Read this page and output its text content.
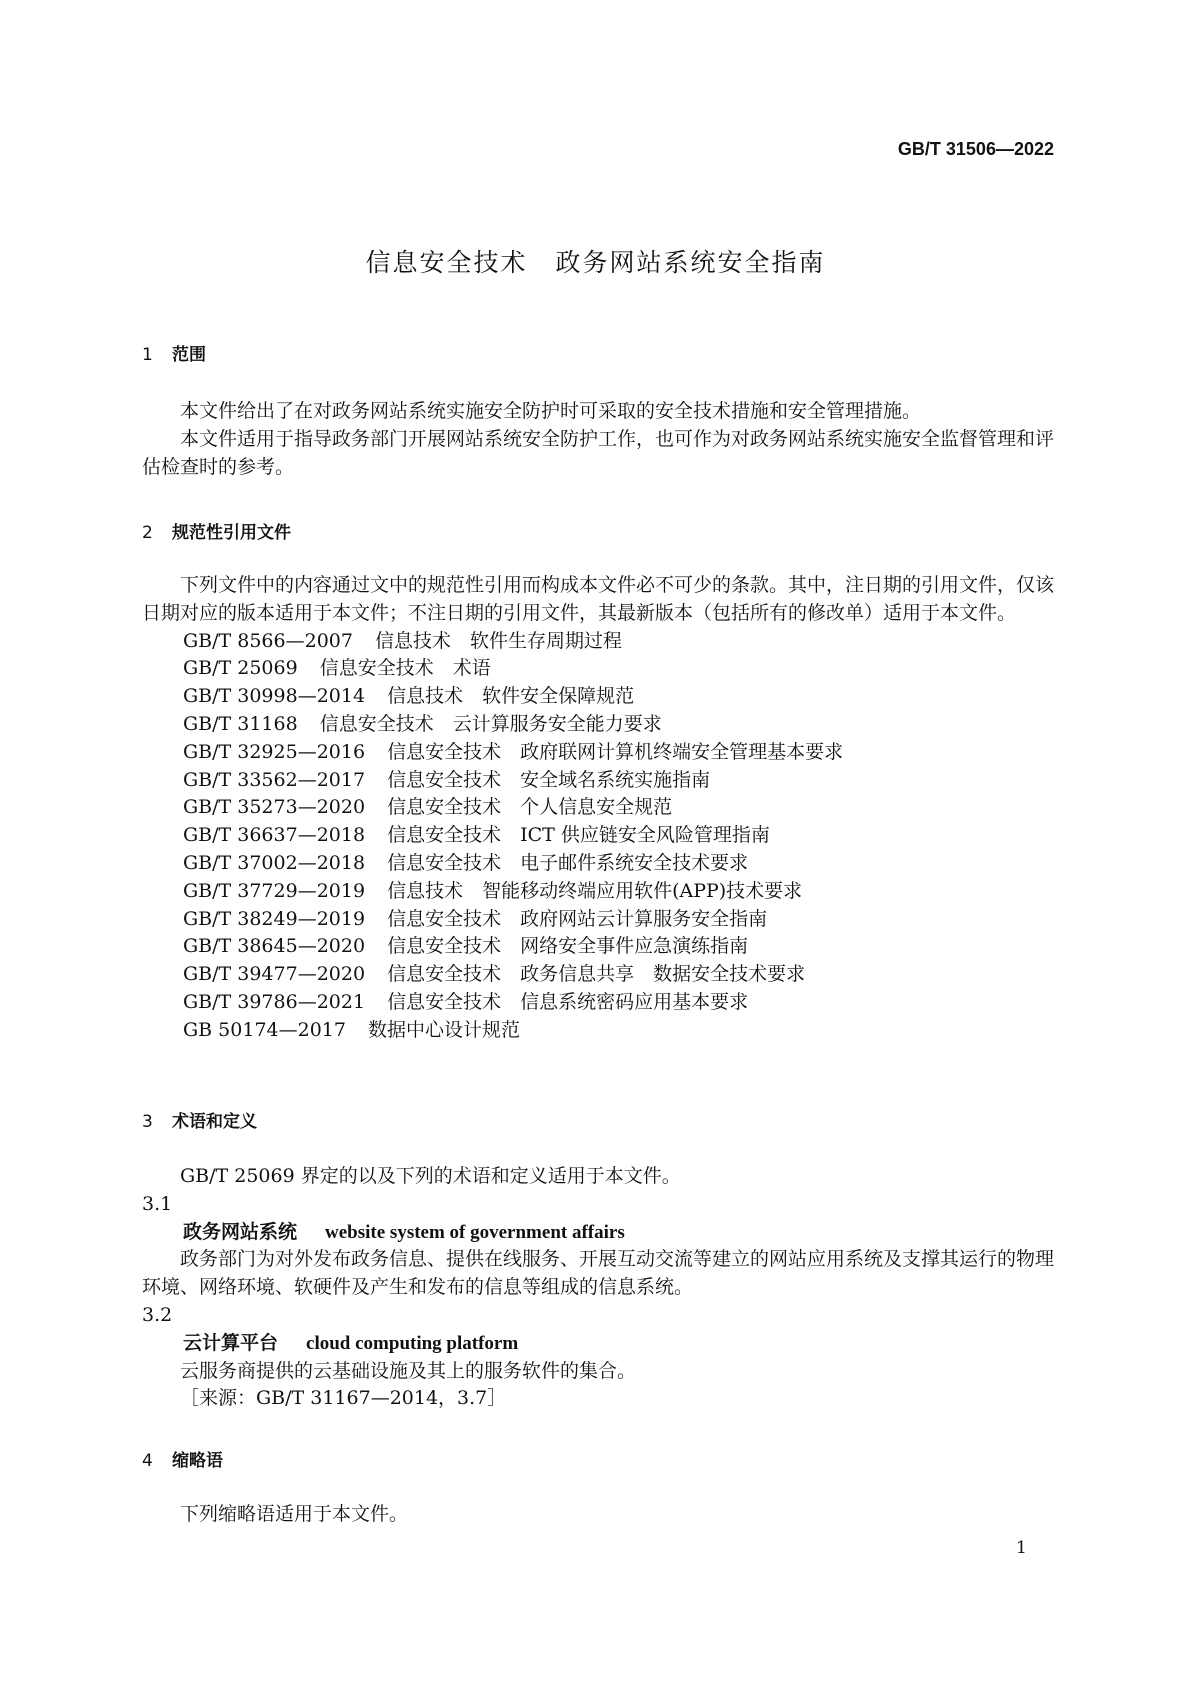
GB/T 31506—2022
信息安全技术 政务网站系统安全指南
1 范围
本文件给出了在对政务网站系统实施安全防护时可采取的安全技术措施和安全管理措施。
本文件适用于指导政务部门开展网站系统安全防护工作，也可作为对政务网站系统实施安全监督管理和评估检查时的参考。
2 规范性引用文件
下列文件中的内容通过文中的规范性引用而构成本文件必不可少的条款。其中，注日期的引用文件，仅该日期对应的版本适用于本文件；不注日期的引用文件，其最新版本（包括所有的修改单）适用于本文件。
GB/T 8566—2007 信息技术　软件生存周期过程
GB/T 25069 信息安全技术　术语
GB/T 30998—2014 信息技术　软件安全保障规范
GB/T 31168 信息安全技术　云计算服务安全能力要求
GB/T 32925—2016 信息安全技术　政府联网计算机终端安全管理基本要求
GB/T 33562—2017 信息安全技术　安全域名系统实施指南
GB/T 35273—2020 信息安全技术　个人信息安全规范
GB/T 36637—2018 信息安全技术　ICT 供应链安全风险管理指南
GB/T 37002—2018 信息安全技术　电子邮件系统安全技术要求
GB/T 37729—2019 信息技术　智能移动终端应用软件(APP)技术要求
GB/T 38249—2019 信息安全技术　政府网站云计算服务安全指南
GB/T 38645—2020 信息安全技术　网络安全事件应急演练指南
GB/T 39477—2020 信息安全技术　政务信息共享　数据安全技术要求
GB/T 39786—2021 信息安全技术　信息系统密码应用基本要求
GB 50174—2017 数据中心设计规范
3 术语和定义
GB/T 25069 界定的以及下列的术语和定义适用于本文件。
3.1
政务网站系统 website system of government affairs
政务部门为对外发布政务信息、提供在线服务、开展互动交流等建立的网站应用系统及支撑其运行的物理环境、网络环境、软硬件及产生和发布的信息等组成的信息系统。
3.2
云计算平台 cloud computing platform
云服务商提供的云基础设施及其上的服务软件的集合。
［来源：GB/T 31167—2014，3.7］
4 缩略语
下列缩略语适用于本文件。
1
